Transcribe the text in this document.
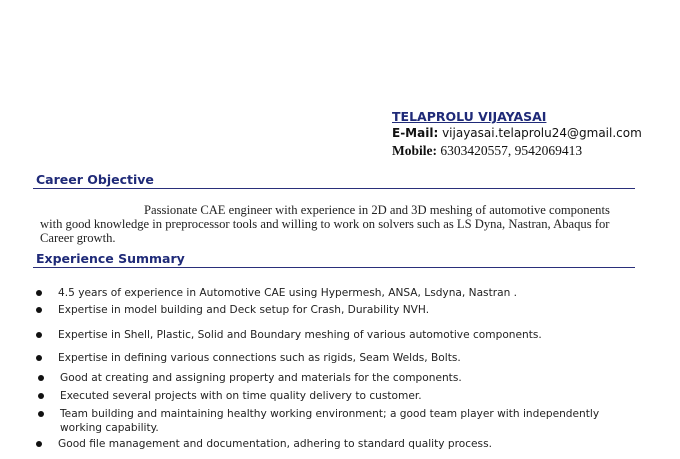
TELAPROLU VIJAYASAI
E-Mail: vijayasai.telaprolu24@gmail.com
Mobile: 6303420557, 9542069413
Career Objective
Passionate CAE engineer with experience in 2D and 3D meshing of automotive components with good knowledge in preprocessor tools and willing to work on solvers such as LS Dyna, Nastran, Abaqus for Career growth.
Experience Summary
4.5 years of experience in Automotive CAE using Hypermesh, ANSA, Lsdyna, Nastran .
Expertise in model building and Deck setup for Crash, Durability NVH.
Expertise in Shell, Plastic, Solid and Boundary meshing of various automotive components.
Expertise in defining various connections such as rigids, Seam Welds, Bolts.
Good at creating and assigning property and materials for the components.
Executed several projects with on time quality delivery to customer.
Team building and maintaining healthy working environment; a good team player with independently working capability.
Good file management and documentation, adhering to standard quality process.
